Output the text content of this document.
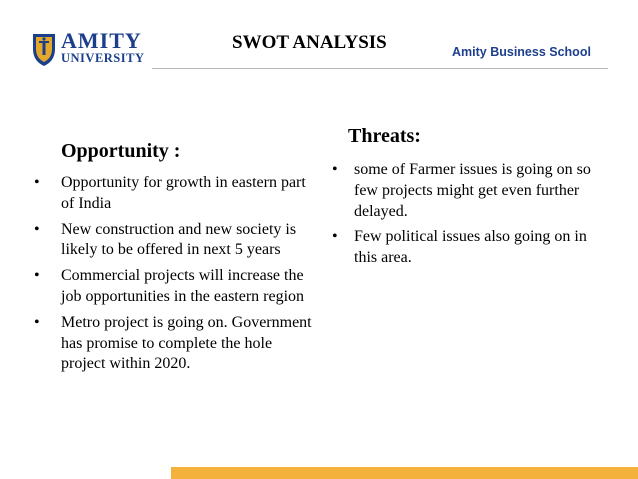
AMITY
UNIVERSITY
SWOT ANALYSIS	Amity Business School
Opportunity :
• Opportunity for growth in eastern part of India
• New construction and new society is likely to be offered in next 5 years
• Commercial projects will increase the job opportunities in the eastern region
• Metro project is going on. Government has promise to complete the hole project within 2020.
Threats:
• some of Farmer issues is going on so few projects might get even further delayed.
• Few political issues also going on in this area.
